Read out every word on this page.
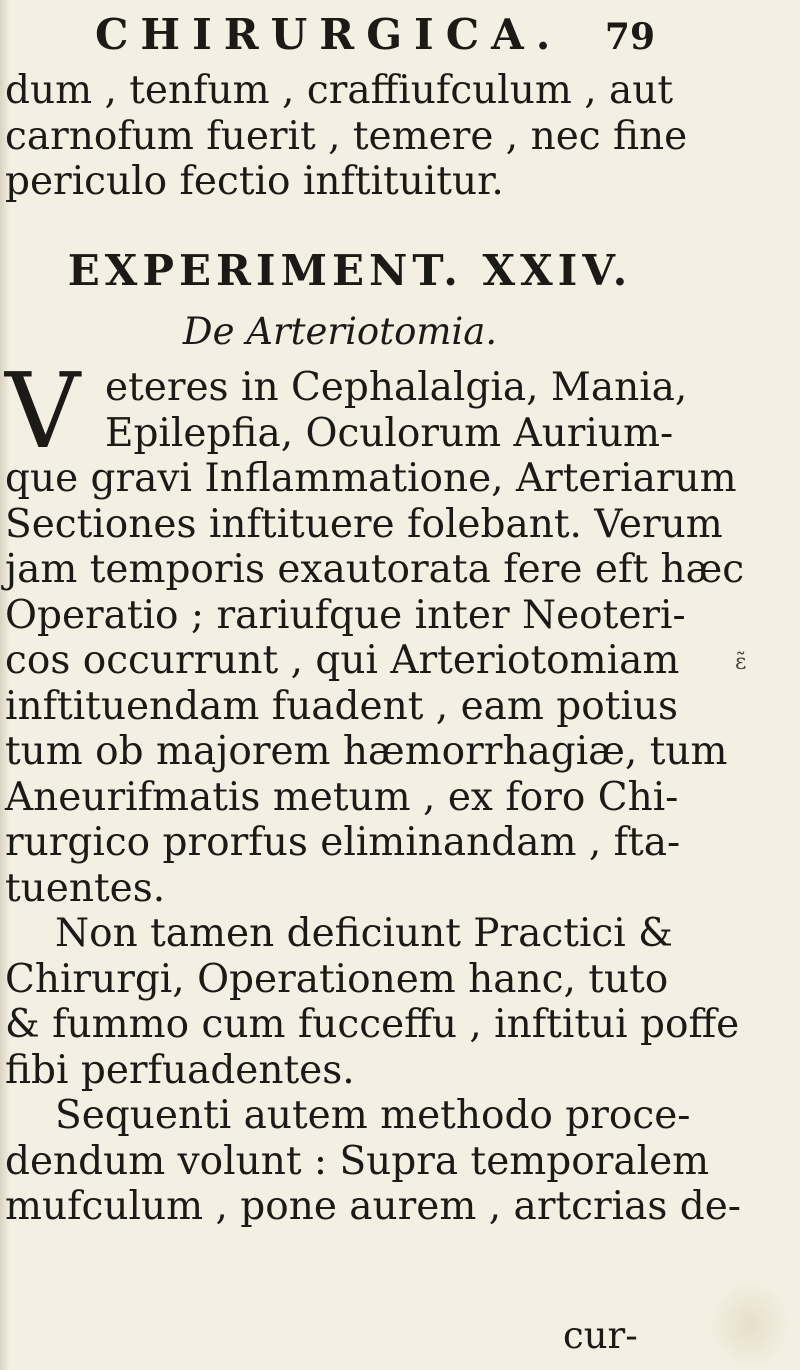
CHIRURGICA. 79
dum , tenfum , craffiufculum , aut
carnofum fuerit , temere , nec fine
periculo fectio inftituitur.
EXPERIMENT. XXIV.
De Arteriotomia.
V eteres in Cephalalgia, Mania,
Epilepfia, Oculorum Aurium-
que gravi Inflammatione, Arteriarum
Sectiones inftituere folebant. Verum
jam temporis exautorata fere eft hæc
Operatio ; rariufque inter Neoteri-
cos occurrunt , qui Arteriotomiam
inftituendam fuadent , eam potius
tum ob majorem hæmorrhagiæ, tum
Aneurifmatis metum , ex foro Chi-
rurgico prorfus eliminandam , fta-
tuentes.
Non tamen deficiunt Practici &
Chirurgi, Operationem hanc, tuto
& fummo cum fucceffu , inftitui poffe
fibi perfuadentes.
Sequenti autem methodo proce-
dendum volunt : Supra temporalem
mufculum , pone aurem , artcrias de-
cur-
ɛ̃
